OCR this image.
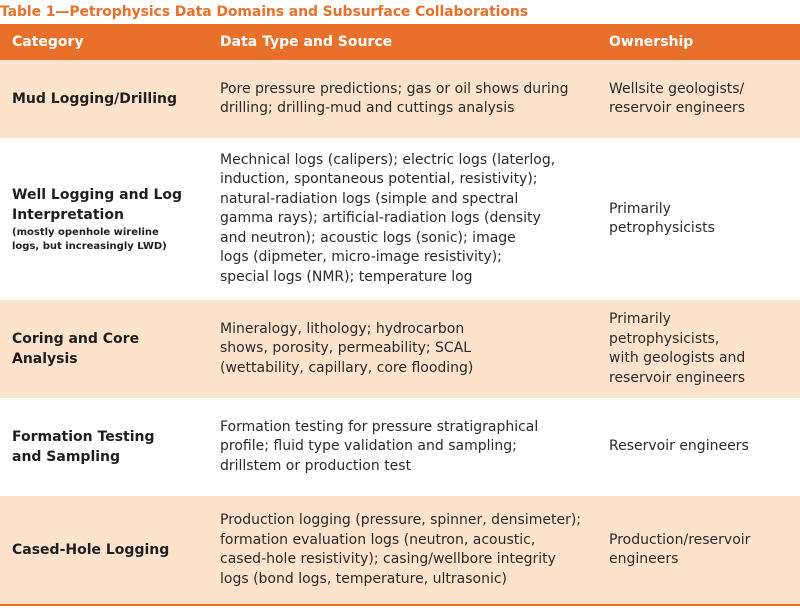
Table 1—Petrophysics Data Domains and Subsurface Collaborations
Category	Data Type and Source	Ownership
Mud Logging/Drilling
Pore pressure predictions; gas or oil shows during
drilling; drilling-mud and cuttings analysis
Wellsite geologists/
reservoir engineers
Well Logging and Log
Interpretation
(mostly openhole wireline
logs, but increasingly LWD)
Mechnical logs (calipers); electric logs (laterlog,
induction, spontaneous potential, resistivity);
natural-radiation logs (simple and spectral
gamma rays); artificial-radiation logs (density
and neutron); acoustic logs (sonic); image
logs (dipmeter, micro-image resistivity);
special logs (NMR); temperature log
Primarily
petrophysicists
Coring and Core Analysis
Mineralogy, lithology; hydrocarbon
shows, porosity, permeability; SCAL
(wettability, capillary, core flooding)
Primarily
petrophysicists,
with geologists and
reservoir engineers
Formation Testing
and Sampling
Formation testing for pressure stratigraphical
profile; fluid type validation and sampling;
drillstem or production test
Reservoir engineers
Cased-Hole Logging
Production logging (pressure, spinner, densimeter);
formation evaluation logs (neutron, acoustic,
cased-hole resistivity); casing/wellbore integrity
logs (bond logs, temperature, ultrasonic)
Production/reservoir
engineers
